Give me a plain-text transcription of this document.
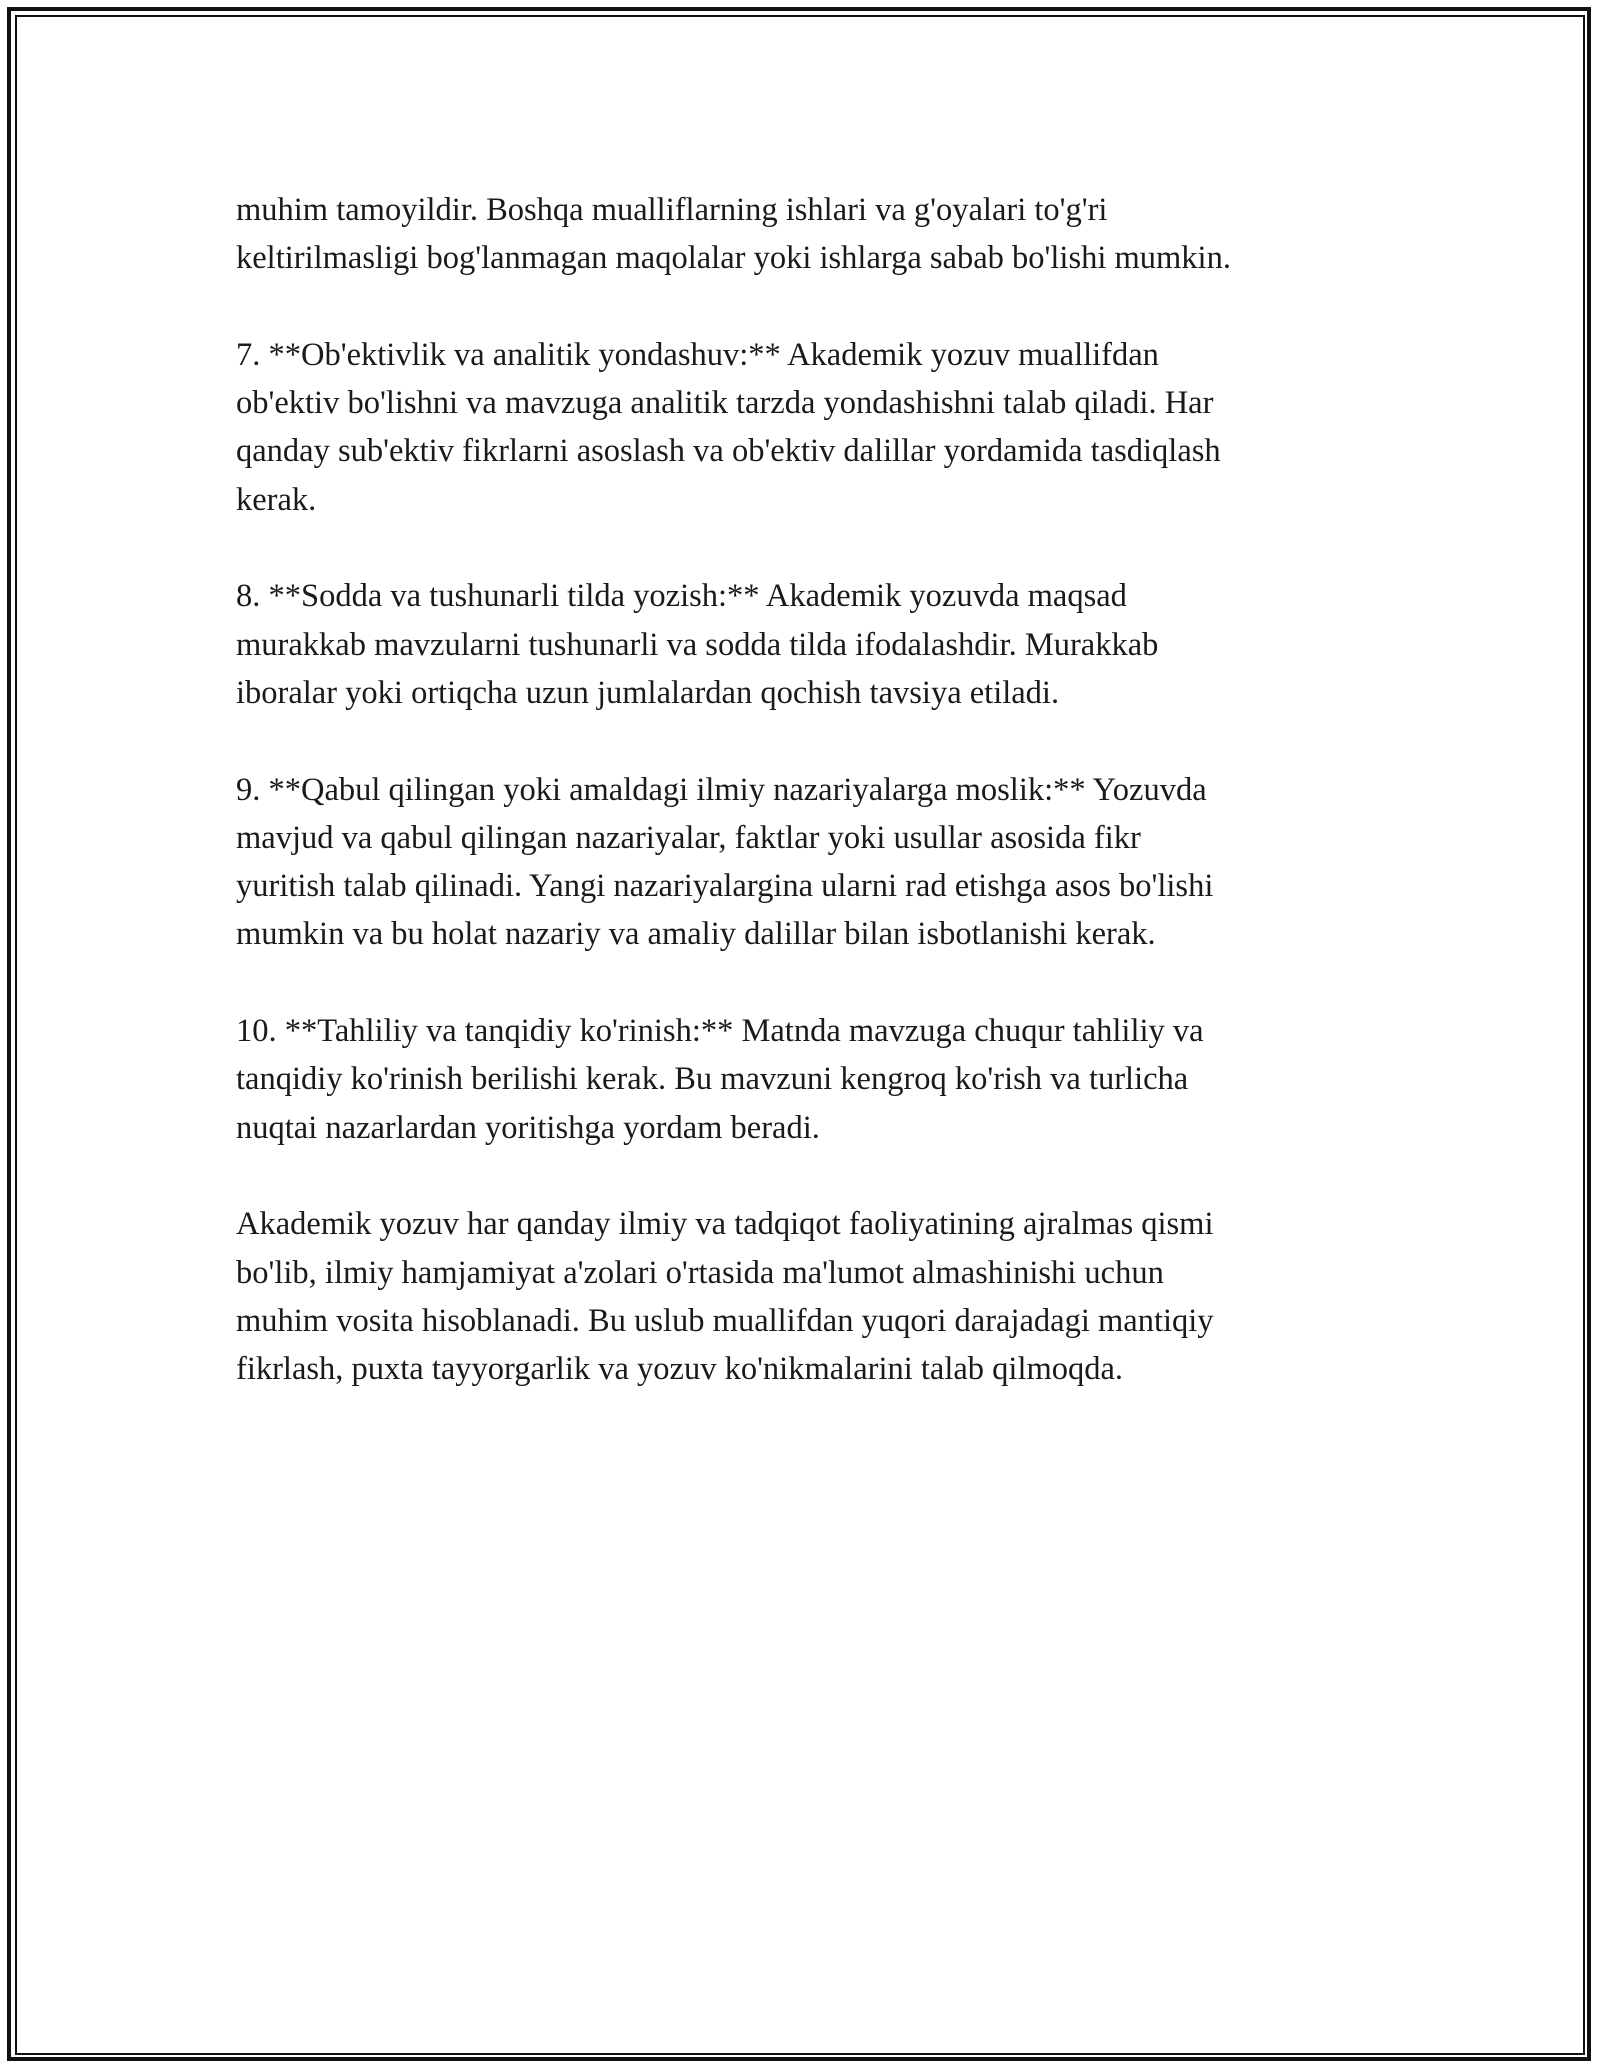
muhim tamoyildir. Boshqa mualliflarning ishlari va g'oyalari to'g'ri
keltirilmasligi bog'lanmagan maqolalar yoki ishlarga sabab bo'lishi mumkin.

7. **Ob'ektivlik va analitik yondashuv:** Akademik yozuv muallifdan
ob'ektiv bo'lishni va mavzuga analitik tarzda yondashishni talab qiladi. Har
qanday sub'ektiv fikrlarni asoslash va ob'ektiv dalillar yordamida tasdiqlash
kerak.

8. **Sodda va tushunarli tilda yozish:** Akademik yozuvda maqsad
murakkab mavzularni tushunarli va sodda tilda ifodalashdir. Murakkab
iboralar yoki ortiqcha uzun jumlalardan qochish tavsiya etiladi.

9. **Qabul qilingan yoki amaldagi ilmiy nazariyalarga moslik:** Yozuvda
mavjud va qabul qilingan nazariyalar, faktlar yoki usullar asosida fikr
yuritish talab qilinadi. Yangi nazariyalargina ularni rad etishga asos bo'lishi
mumkin va bu holat nazariy va amaliy dalillar bilan isbotlanishi kerak.

10. **Tahliliy va tanqidiy ko'rinish:** Matnda mavzuga chuqur tahliliy va
tanqidiy ko'rinish berilishi kerak. Bu mavzuni kengroq ko'rish va turlicha
nuqtai nazarlardan yoritishga yordam beradi.

Akademik yozuv har qanday ilmiy va tadqiqot faoliyatining ajralmas qismi
bo'lib, ilmiy hamjamiyat a'zolari o'rtasida ma'lumot almashinishi uchun
muhim vosita hisoblanadi. Bu uslub muallifdan yuqori darajadagi mantiqiy
fikrlash, puxta tayyorgarlik va yozuv ko'nikmalarini talab qilmoqda.
